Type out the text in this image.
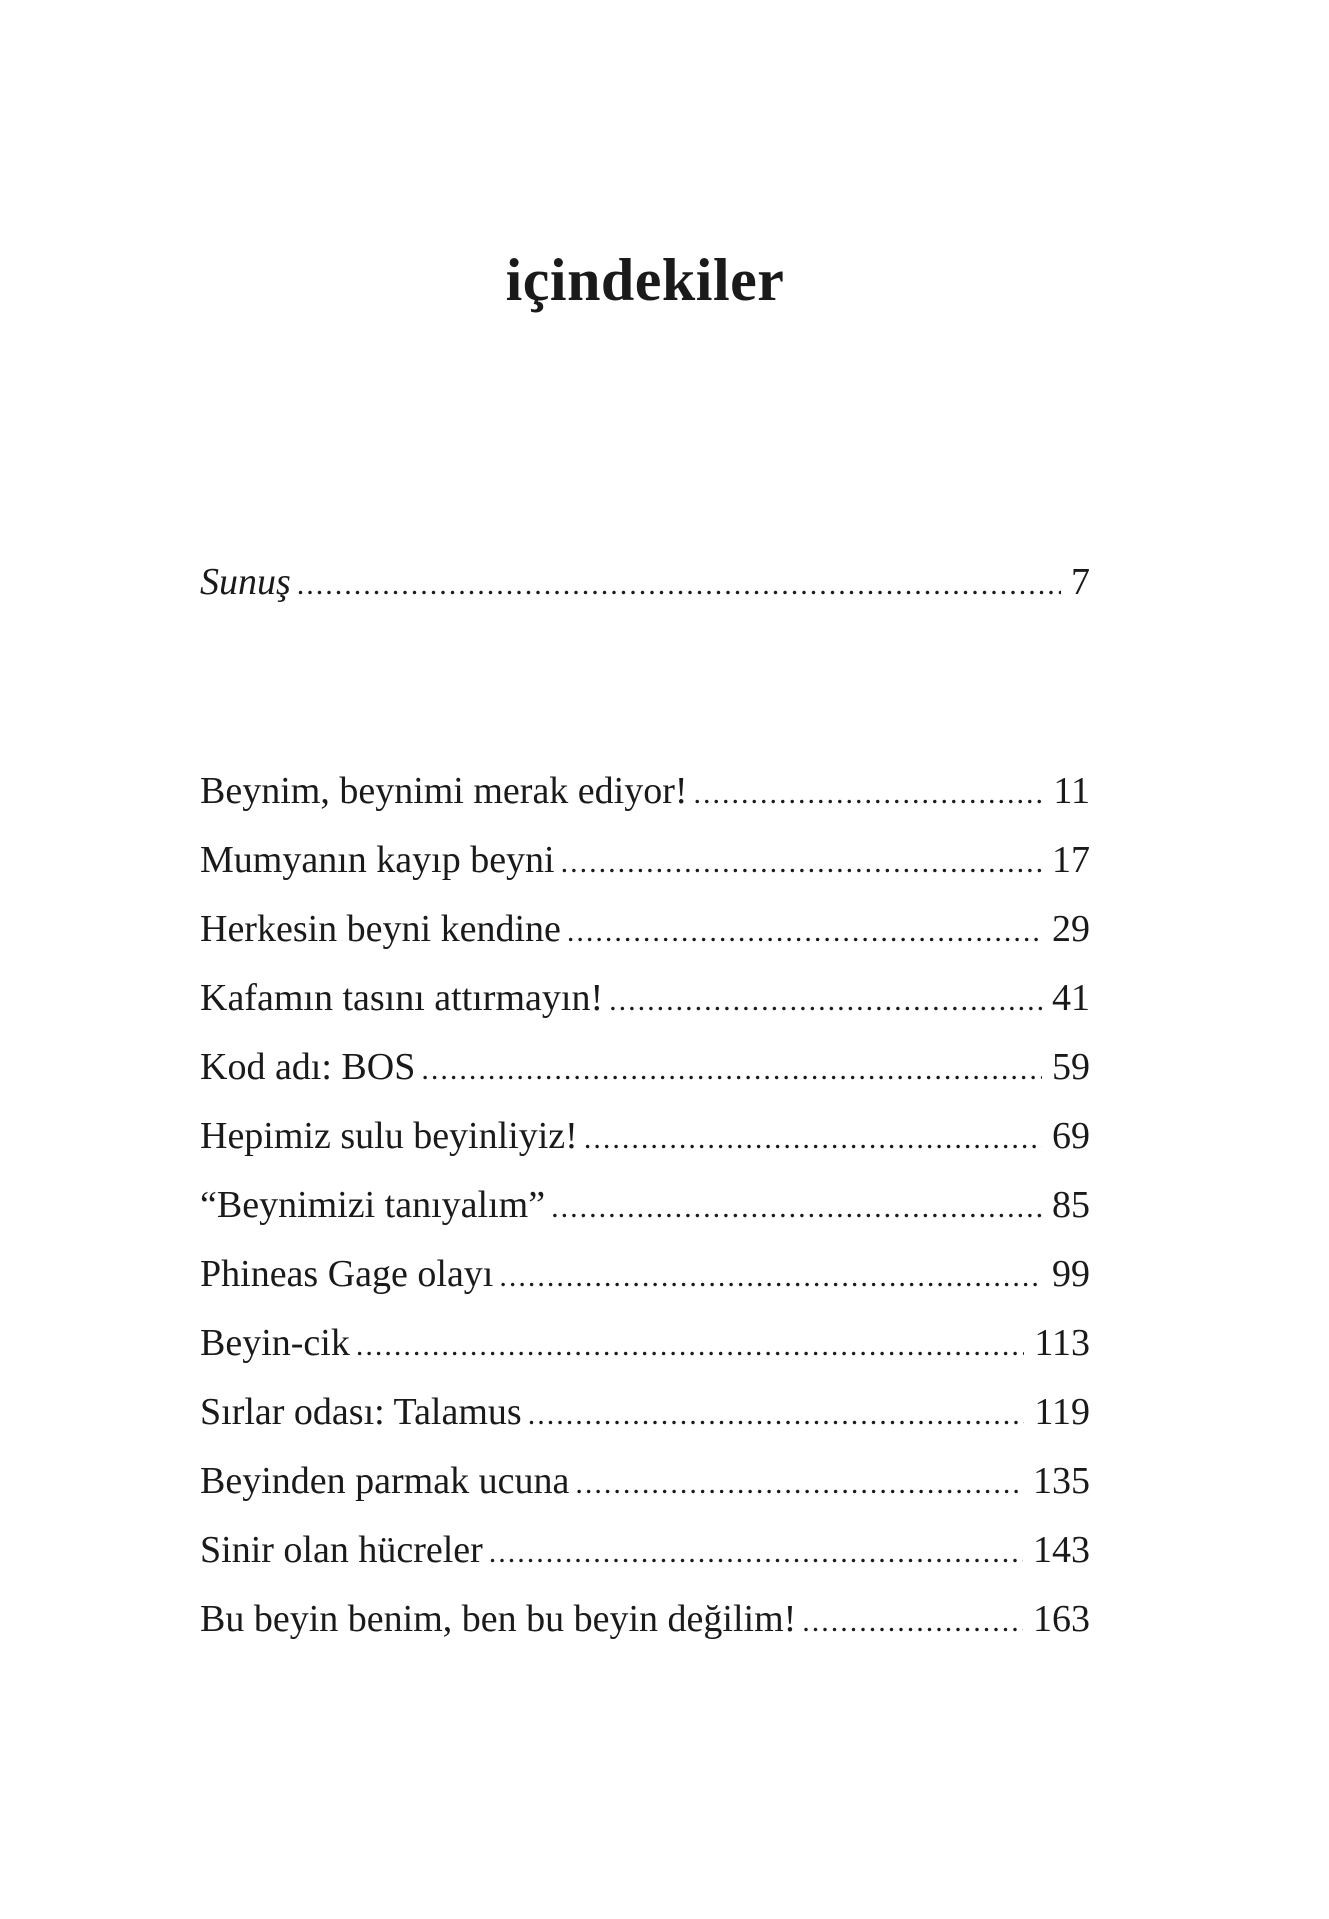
içindekiler
Sunuş .....	7
Beynim, beynimi merak ediyor! .....	11
Mumyanın kayıp beyni .....	17
Herkesin beyni kendine .....	29
Kafamın tasını attırmayın! .....	41
Kod adı: BOS .....	59
Hepimiz sulu beyinliyiz! .....	69
“Beynimizi tanıyalım” .....	85
Phineas Gage olayı .....	99
Beyin-cik .....	113
Sırlar odası: Talamus .....	119
Beyinden parmak ucuna .....	135
Sinir olan hücreler .....	143
Bu beyin benim, ben bu beyin değilim! .....	163
